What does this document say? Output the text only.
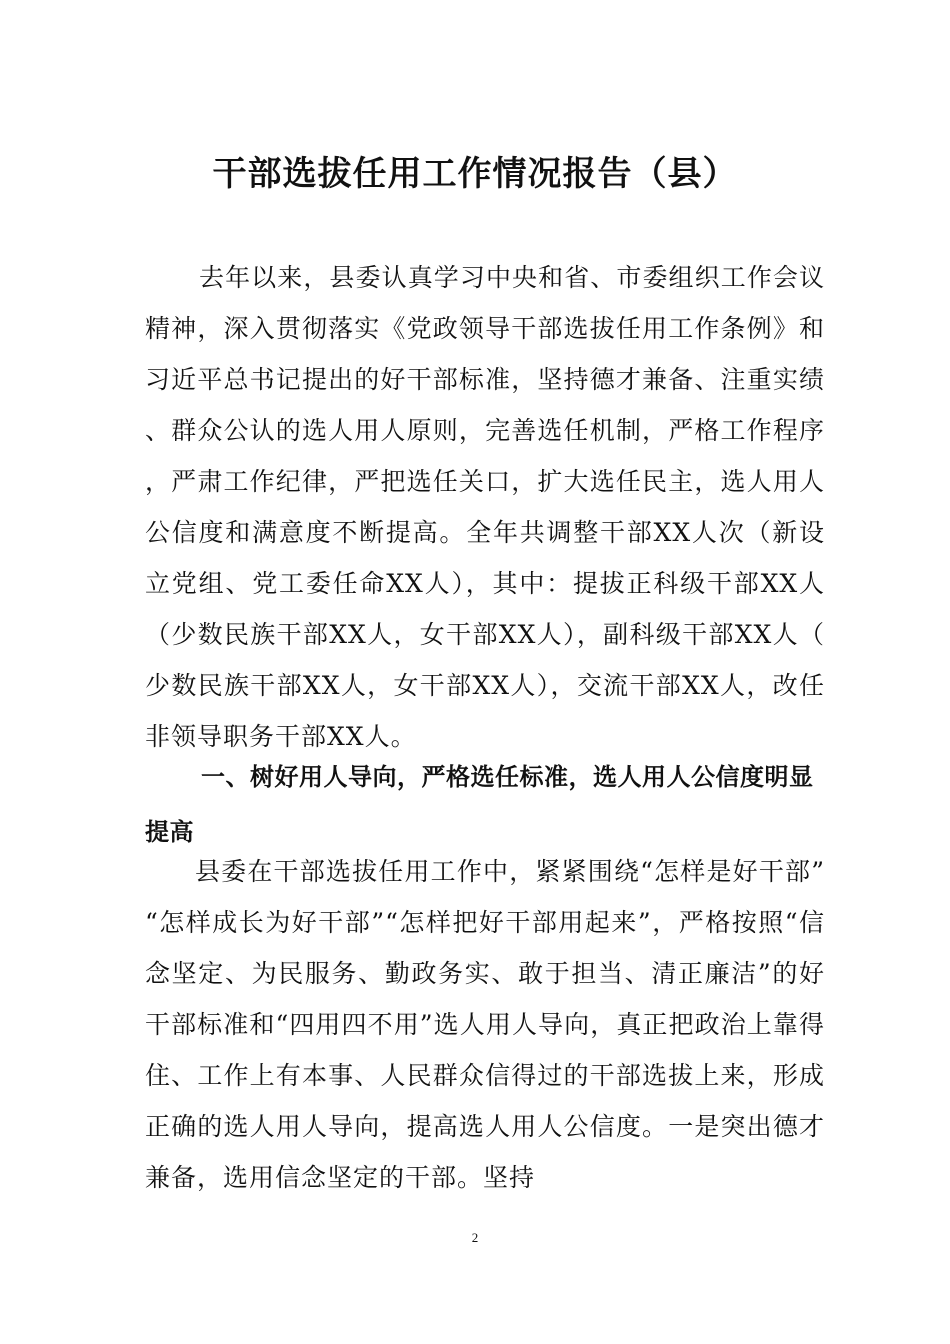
干部选拔任用工作情况报告（县）
去年以来，县委认真学习中央和省、市委组织工作会议精神，深入贯彻落实《党政领导干部选拔任用工作条例》和习近平总书记提出的好干部标准，坚持德才兼备、注重实绩、群众公认的选人用人原则，完善选任机制，严格工作程序，严肃工作纪律，严把选任关口，扩大选任民主，选人用人公信度和满意度不断提高。全年共调整干部XX人次（新设立党组、党工委任命XX人），其中：提拔正科级干部XX人（少数民族干部XX人，女干部XX人），副科级干部XX人（少数民族干部XX人，女干部XX人），交流干部XX人，改任非领导职务干部XX人。
一、树好用人导向，严格选任标准，选人用人公信度明显提高
县委在干部选拔任用工作中，紧紧围绕“怎样是好干部”“怎样成长为好干部”“怎样把好干部用起来”，严格按照“信念坚定、为民服务、勤政务实、敢于担当、清正廉洁”的好干部标准和“四用四不用”选人用人导向，真正把政治上靠得住、工作上有本事、人民群众信得过的干部选拔上来，形成正确的选人用人导向，提高选人用人公信度。一是突出德才兼备，选用信念坚定的干部。坚持
2
